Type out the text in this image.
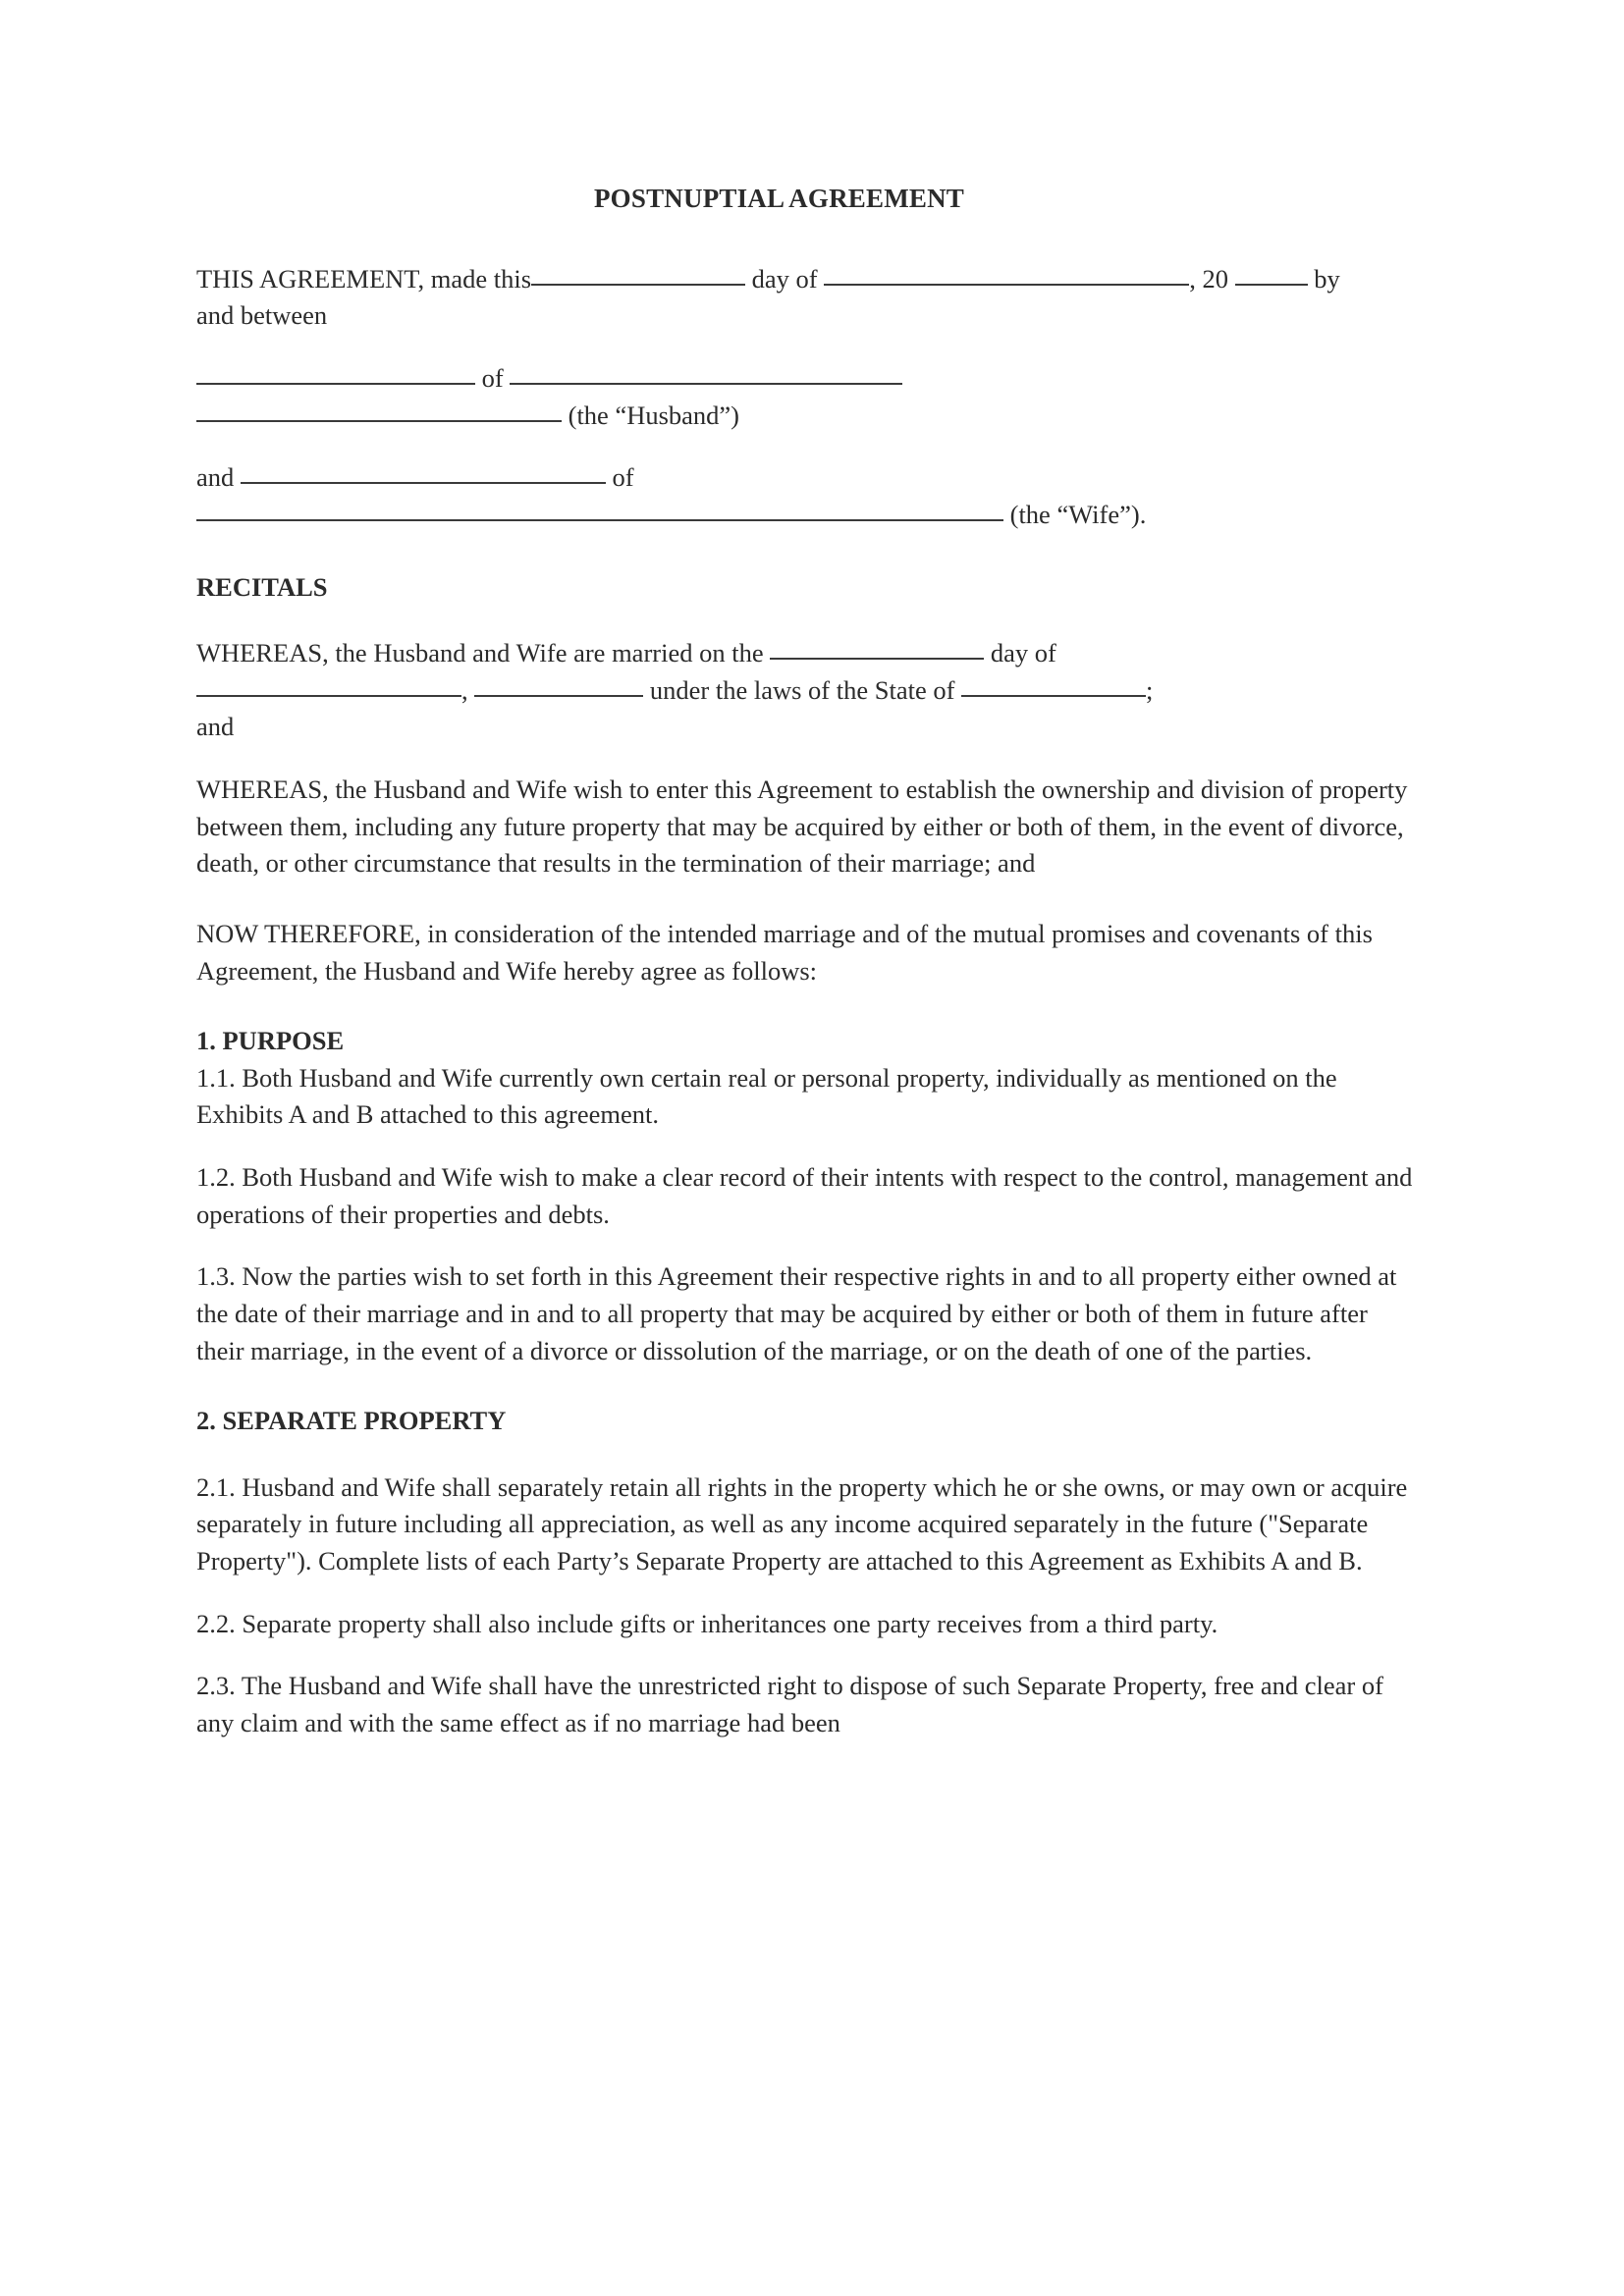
POSTNUPTIAL AGREEMENT

THIS AGREEMENT, made this	day of	, 20	by
and between

of
(the “Husband”)

and	of

(the “Wife”).

RECITALS

WHEREAS, the Husband and Wife are married on the	day of
,	under the laws of the State of	;
and

WHEREAS, the Husband and Wife wish to enter this Agreement to establish the ownership and division of property between them, including any future property that may be acquired by either or both of them, in the event of divorce, death, or other circumstance that results in the termination of their marriage; and

NOW THEREFORE, in consideration of the intended marriage and of the mutual promises and covenants of this Agreement, the Husband and Wife hereby agree as follows:

1. PURPOSE

1.1. Both Husband and Wife currently own certain real or personal property, individually as mentioned on the Exhibits A and B attached to this agreement.

1.2. Both Husband and Wife wish to make a clear record of their intents with respect to the control, management and operations of their properties and debts.

1.3. Now the parties wish to set forth in this Agreement their respective rights in and to all property either owned at the date of their marriage and in and to all property that may be acquired by either or both of them in future after their marriage, in the event of a divorce or dissolution of the marriage, or on the death of one of the parties.

2. SEPARATE PROPERTY

2.1. Husband and Wife shall separately retain all rights in the property which he or she owns, or may own or acquire separately in future including all appreciation, as well as any income acquired separately in the future ("Separate Property"). Complete lists of each Party’s Separate Property are attached to this Agreement as Exhibits A and B.

2.2. Separate property shall also include gifts or inheritances one party receives from a third party.

2.3. The Husband and Wife shall have the unrestricted right to dispose of such Separate Property, free and clear of any claim and with the same effect as if no marriage had been
